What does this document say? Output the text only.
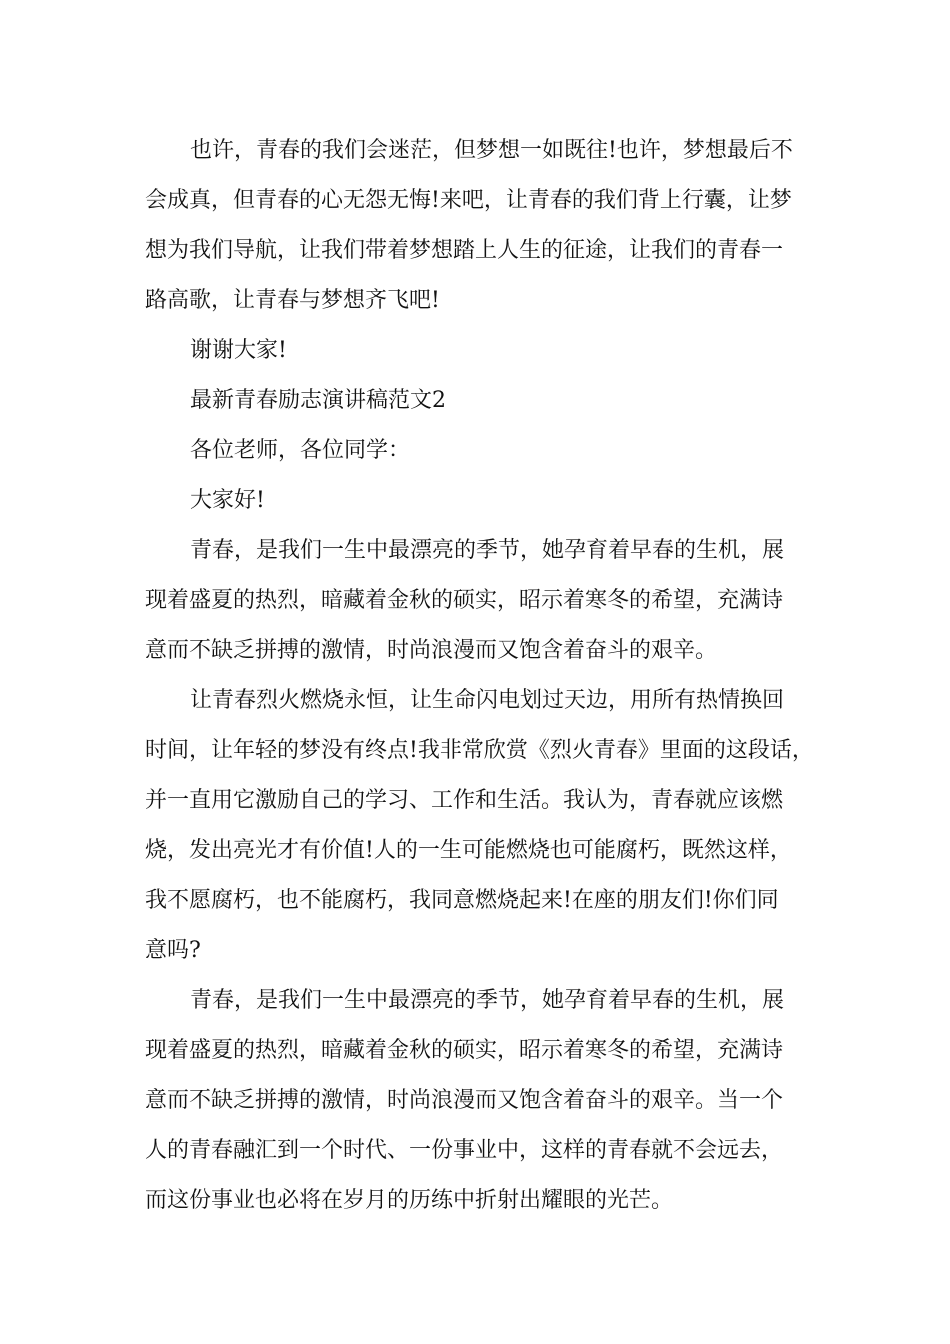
也许，青春的我们会迷茫，但梦想一如既往!也许，梦想最后不
会成真，但青春的心无怨无悔!来吧，让青春的我们背上行囊，让梦
想为我们导航，让我们带着梦想踏上人生的征途，让我们的青春一
路高歌，让青春与梦想齐飞吧!
谢谢大家!
最新青春励志演讲稿范文2
各位老师，各位同学：
大家好!
青春，是我们一生中最漂亮的季节，她孕育着早春的生机，展
现着盛夏的热烈，暗藏着金秋的硕实，昭示着寒冬的希望，充满诗
意而不缺乏拼搏的激情，时尚浪漫而又饱含着奋斗的艰辛。
让青春烈火燃烧永恒，让生命闪电划过天边，用所有热情换回
时间，让年轻的梦没有终点!我非常欣赏《烈火青春》里面的这段话，
并一直用它激励自己的学习、工作和生活。我认为，青春就应该燃
烧，发出亮光才有价值!人的一生可能燃烧也可能腐朽，既然这样，
我不愿腐朽，也不能腐朽，我同意燃烧起来!在座的朋友们!你们同
意吗?
青春，是我们一生中最漂亮的季节，她孕育着早春的生机，展
现着盛夏的热烈，暗藏着金秋的硕实，昭示着寒冬的希望，充满诗
意而不缺乏拼搏的激情，时尚浪漫而又饱含着奋斗的艰辛。当一个
人的青春融汇到一个时代、一份事业中，这样的青春就不会远去，
而这份事业也必将在岁月的历练中折射出耀眼的光芒。
